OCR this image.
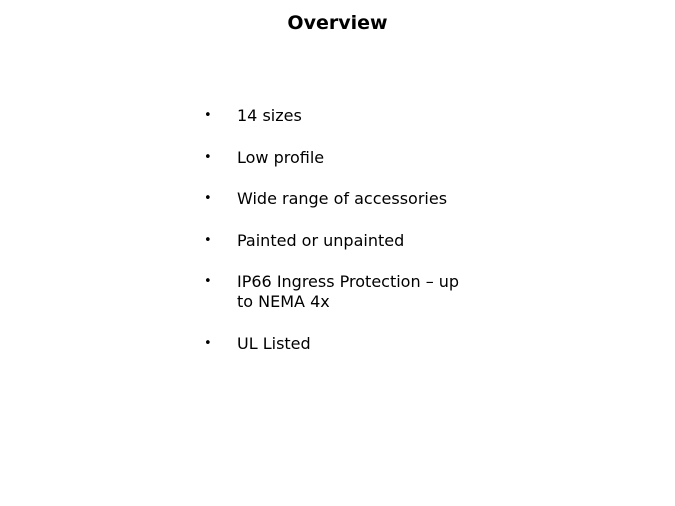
Overview
•	14 sizes
•	Low profile
•	Wide range of accessories
•	Painted or unpainted
•	IP66 Ingress Protection – up to NEMA 4x
•	UL Listed
